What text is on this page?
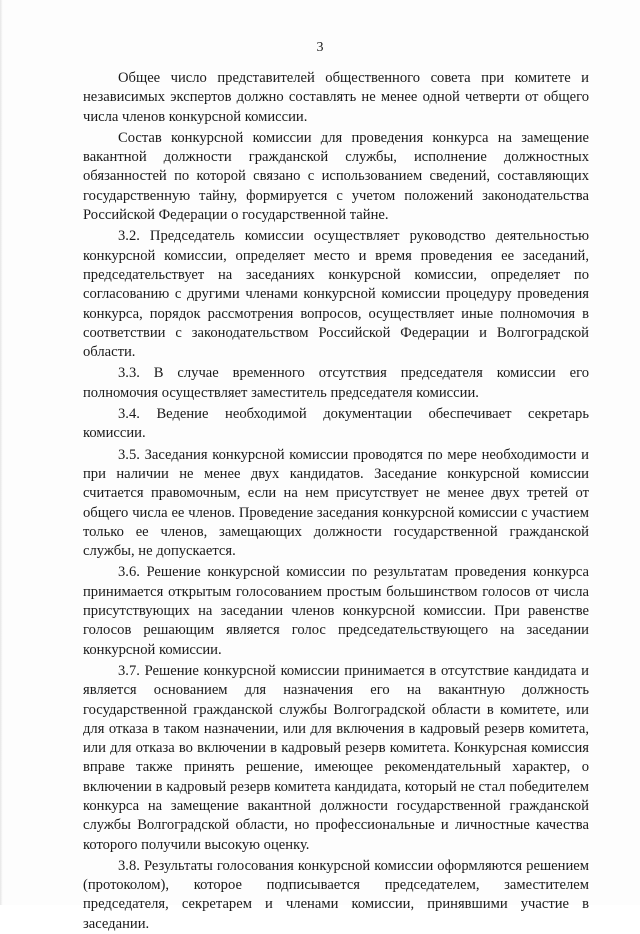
3

Общее число представителей общественного совета при комитете и независимых экспертов должно составлять не менее одной четверти от общего числа членов конкурсной комиссии.

Состав конкурсной комиссии для проведения конкурса на замещение вакантной должности гражданской службы, исполнение должностных обязанностей по которой связано с использованием сведений, составляющих государственную тайну, формируется с учетом положений законодательства Российской Федерации о государственной тайне.

3.2. Председатель комиссии осуществляет руководство деятельностью конкурсной комиссии, определяет место и время проведения ее заседаний, председательствует на заседаниях конкурсной комиссии, определяет по согласованию с другими членами конкурсной комиссии процедуру проведения конкурса, порядок рассмотрения вопросов, осуществляет иные полномочия в соответствии с законодательством Российской Федерации и Волгоградской области.

3.3. В случае временного отсутствия председателя комиссии его полномочия осуществляет заместитель председателя комиссии.

3.4. Ведение необходимой документации обеспечивает секретарь комиссии.

3.5. Заседания конкурсной комиссии проводятся по мере необходимости и при наличии не менее двух кандидатов. Заседание конкурсной комиссии считается правомочным, если на нем присутствует не менее двух третей от общего числа ее членов. Проведение заседания конкурсной комиссии с участием только ее членов, замещающих должности государственной гражданской службы, не допускается.

3.6. Решение конкурсной комиссии по результатам проведения конкурса принимается открытым голосованием простым большинством голосов от числа присутствующих на заседании членов конкурсной комиссии. При равенстве голосов решающим является голос председательствующего на заседании конкурсной комиссии.

3.7. Решение конкурсной комиссии принимается в отсутствие кандидата и является основанием для назначения его на вакантную должность государственной гражданской службы Волгоградской области в комитете, или для отказа в таком назначении, или для включения в кадровый резерв комитета, или для отказа во включении в кадровый резерв комитета. Конкурсная комиссия вправе также принять решение, имеющее рекомендательный характер, о включении в кадровый резерв комитета кандидата, который не стал победителем конкурса на замещение вакантной должности государственной гражданской службы Волгоградской области, но профессиональные и личностные качества которого получили высокую оценку.

3.8. Результаты голосования конкурсной комиссии оформляются решением (протоколом), которое подписывается председателем, заместителем председателя, секретарем и членами комиссии, принявшими участие в заседании.
